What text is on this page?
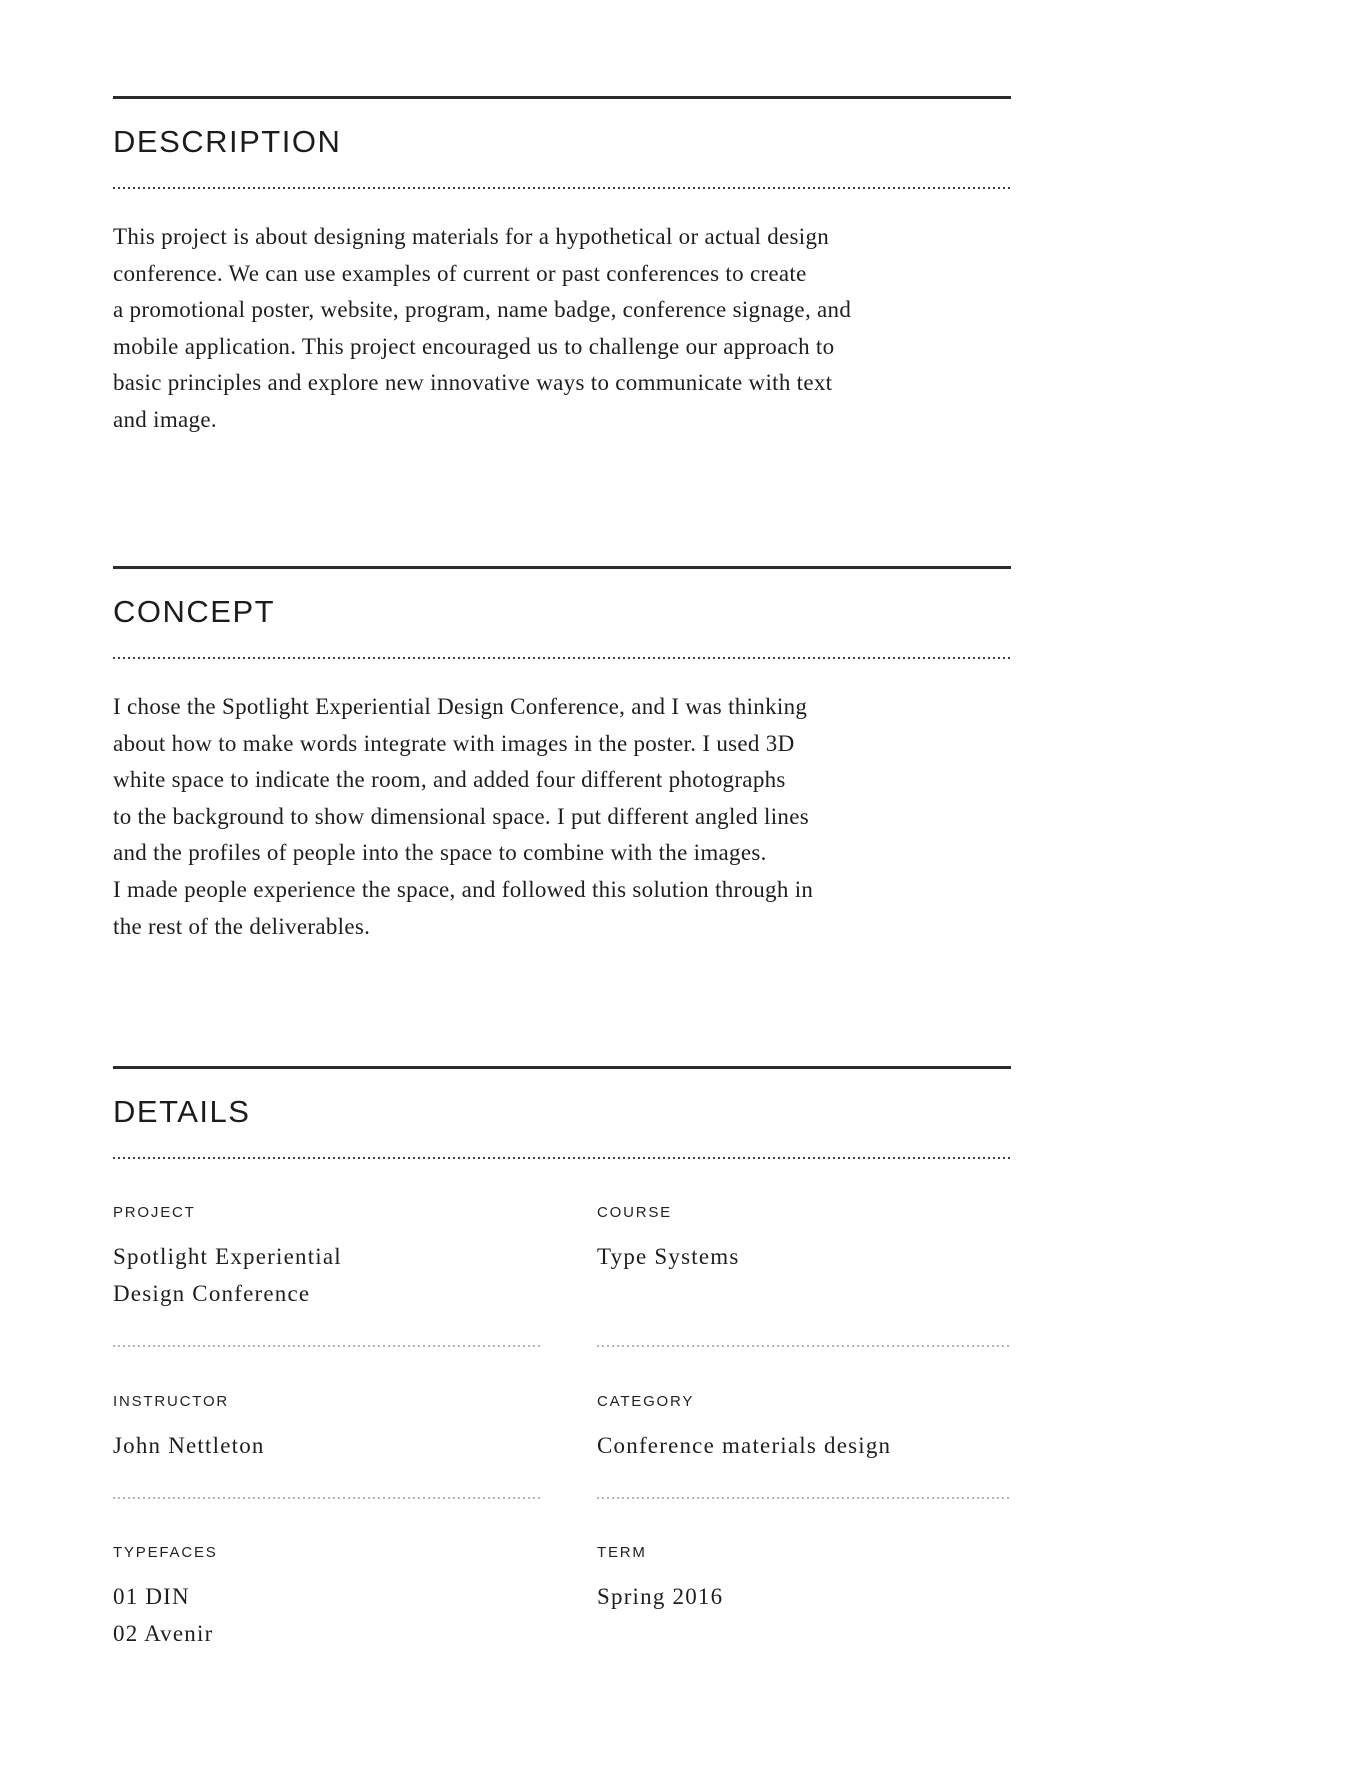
DESCRIPTION
This project is about designing materials for a hypothetical or actual design
conference. We can use examples of current or past conferences to create
a promotional poster, website, program, name badge, conference signage, and
mobile application. This project encouraged us to challenge our approach to
basic principles and explore new innovative ways to communicate with text
and image.
CONCEPT
I chose the Spotlight Experiential Design Conference, and I was thinking
about how to make words integrate with images in the poster. I used 3D
white space to indicate the room, and added four different photographs
to the background to show dimensional space. I put different angled lines
and the profiles of people into the space to combine with the images.
I made people experience the space, and followed this solution through in
the rest of the deliverables.
DETAILS
PROJECT
Spotlight Experiential
Design Conference
COURSE
Type Systems
INSTRUCTOR
John Nettleton
CATEGORY
Conference materials design
TYPEFACES
01 DIN
02 Avenir
TERM
Spring 2016
